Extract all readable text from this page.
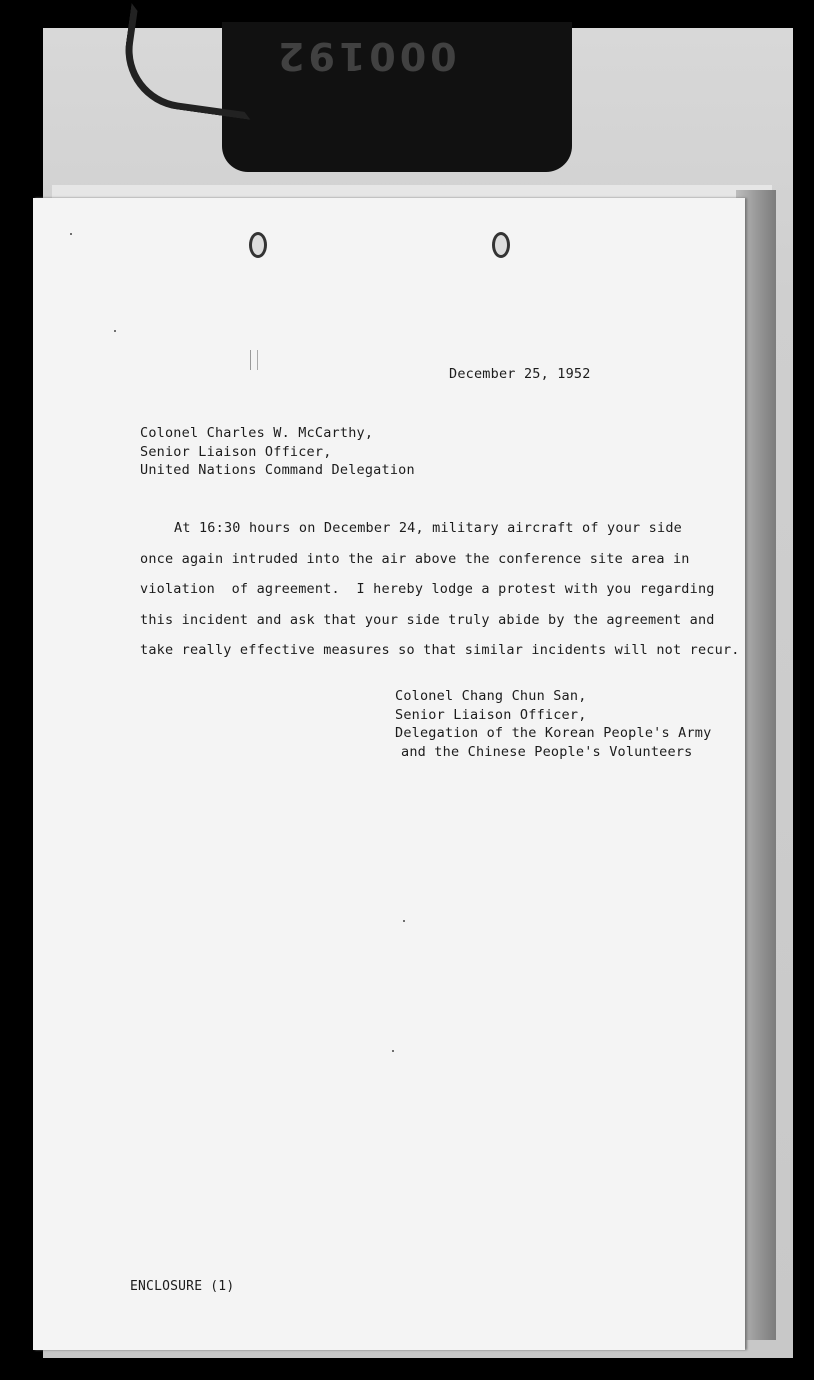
000192
December 25, 1952
Colonel Charles W. McCarthy,
Senior Liaison Officer,
United Nations Command Delegation
At 16:30 hours on December 24, military aircraft of your side
once again intruded into the air above the conference site area in
violation  of agreement.  I hereby lodge a protest with you regarding
this incident and ask that your side truly abide by the agreement and
take really effective measures so that similar incidents will not recur.
Colonel Chang Chun San,
Senior Liaison Officer,
Delegation of the Korean People's Army
and the Chinese People's Volunteers
ENCLOSURE (1)
